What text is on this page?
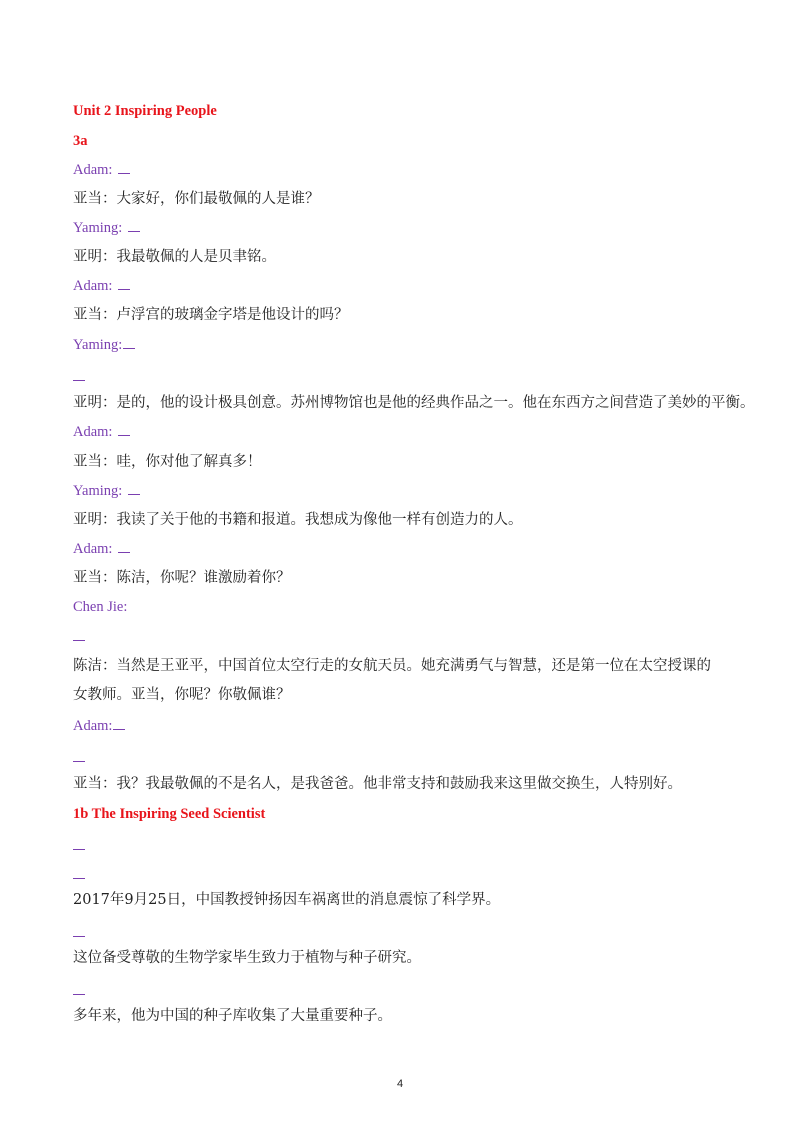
Unit 2 Inspiring People
3a
Adam:
亚当：大家好，你们最敬佩的人是谁？
Yaming:
亚明：我最敬佩的人是贝聿铭。
Adam:
亚当：卢浮宫的玻璃金字塔是他设计的吗？
Yaming:
亚明：是的，他的设计极具创意。苏州博物馆也是他的经典作品之一。他在东西方之间营造了美妙的平衡。
Adam:
亚当：哇，你对他了解真多！
Yaming:
亚明：我读了关于他的书籍和报道。我想成为像他一样有创造力的人。
Adam:
亚当：陈洁，你呢？谁激励着你？
Chen Jie:
陈洁：当然是王亚平，中国首位太空行走的女航天员。她充满勇气与智慧，还是第一位在太空授课的女教师。亚当，你呢？你敬佩谁？
Adam:
亚当：我？我最敬佩的不是名人，是我爸爸。他非常支持和鼓励我来这里做交换生，人特别好。
1b The Inspiring Seed Scientist
2017年9月25日，中国教授钟扬因车祸离世的消息震惊了科学界。
这位备受尊敬的生物学家毕生致力于植物与种子研究。
多年来，他为中国的种子库收集了大量重要种子。
4
